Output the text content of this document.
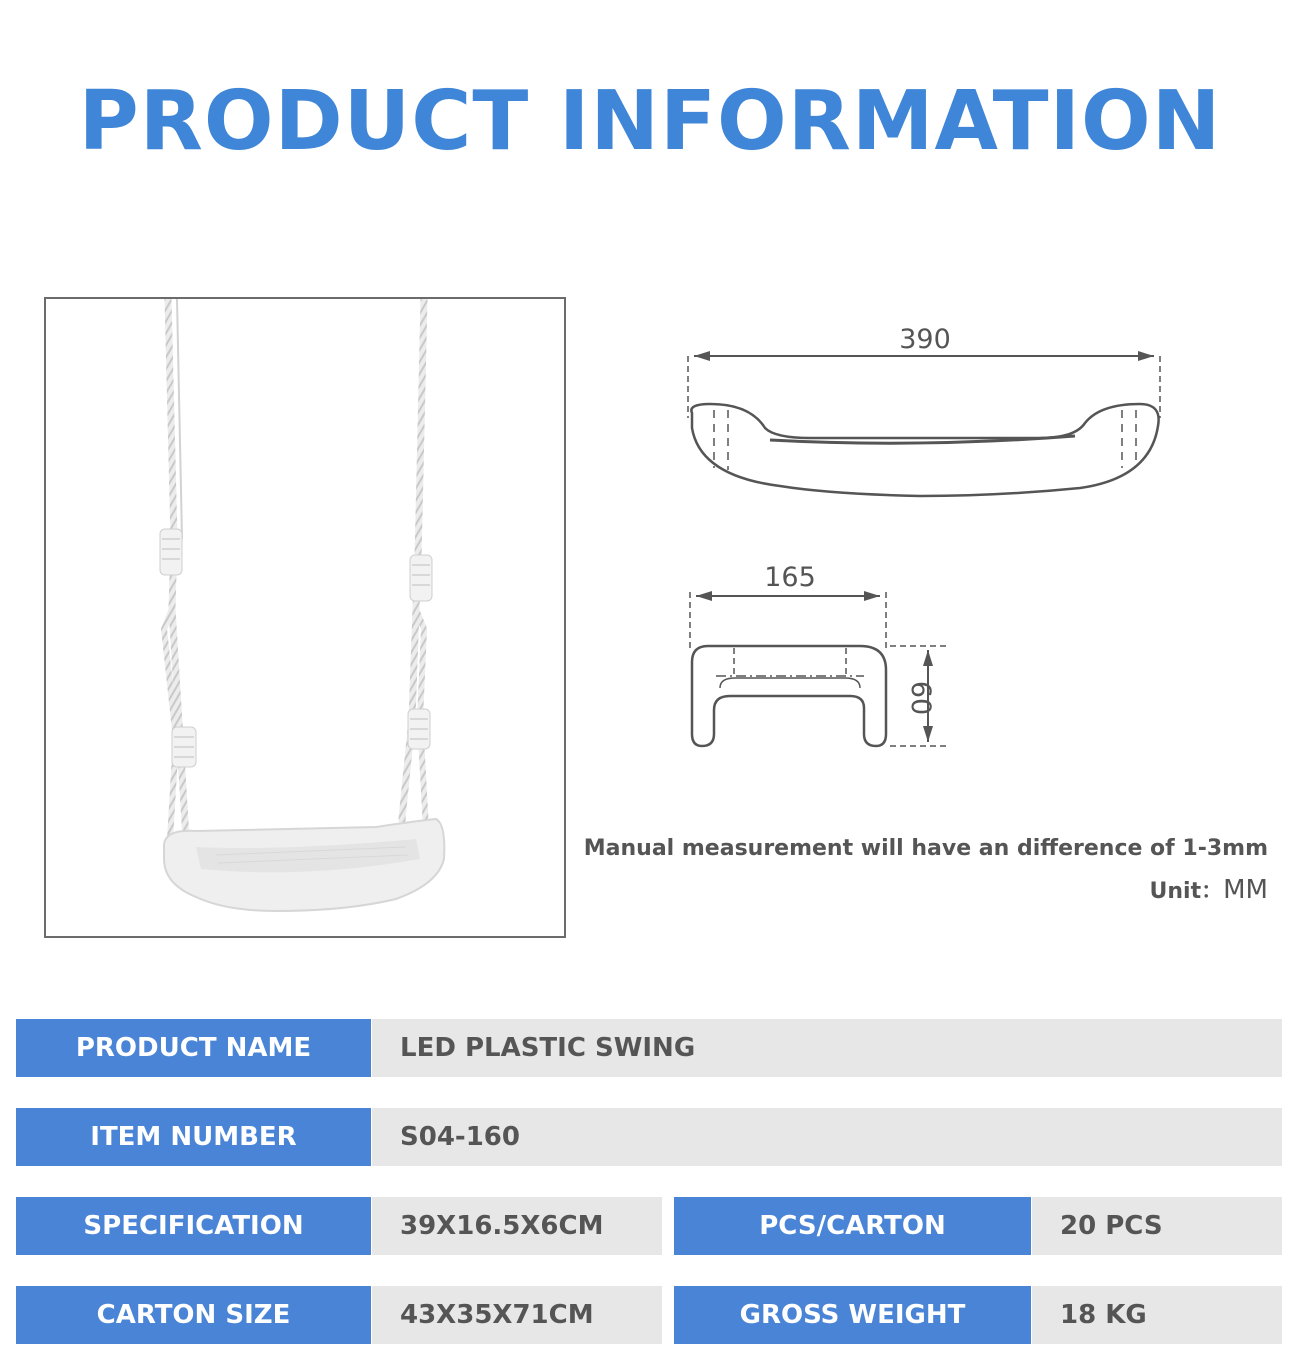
PRODUCT INFORMATION
390
165
60
Manual measurement will have an difference of 1-3mm
Unit：MM
PRODUCT NAME	LED PLASTIC SWING
ITEM NUMBER	S04-160
SPECIFICATION	39X16.5X6CM	PCS/CARTON	20 PCS
CARTON SIZE	43X35X71CM	GROSS WEIGHT	18 KG
